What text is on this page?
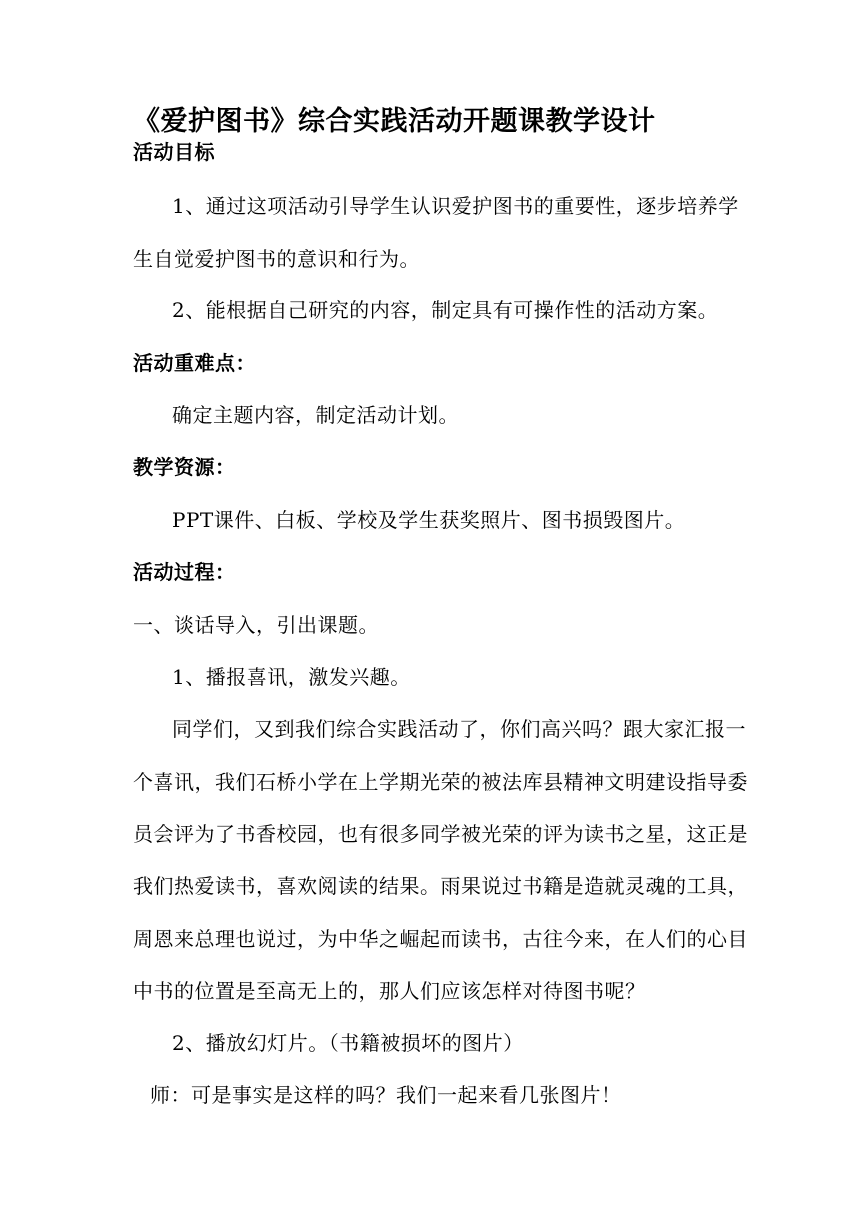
《爱护图书》综合实践活动开题课教学设计
活动目标
1、通过这项活动引导学生认识爱护图书的重要性，逐步培养学
生自觉爱护图书的意识和行为。
2、能根据自己研究的内容，制定具有可操作性的活动方案。
活动重难点：
确定主题内容，制定活动计划。
教学资源：
PPT课件、白板、学校及学生获奖照片、图书损毁图片。
活动过程：
一、谈话导入，引出课题。
1、播报喜讯，激发兴趣。
同学们，又到我们综合实践活动了，你们高兴吗？跟大家汇报一
个喜讯，我们石桥小学在上学期光荣的被法库县精神文明建设指导委
员会评为了书香校园，也有很多同学被光荣的评为读书之星，这正是
我们热爱读书，喜欢阅读的结果。雨果说过书籍是造就灵魂的工具，
周恩来总理也说过，为中华之崛起而读书，古往今来，在人们的心目
中书的位置是至高无上的，那人们应该怎样对待图书呢？
2、播放幻灯片。（书籍被损坏的图片）
师：可是事实是这样的吗？我们一起来看几张图片！
